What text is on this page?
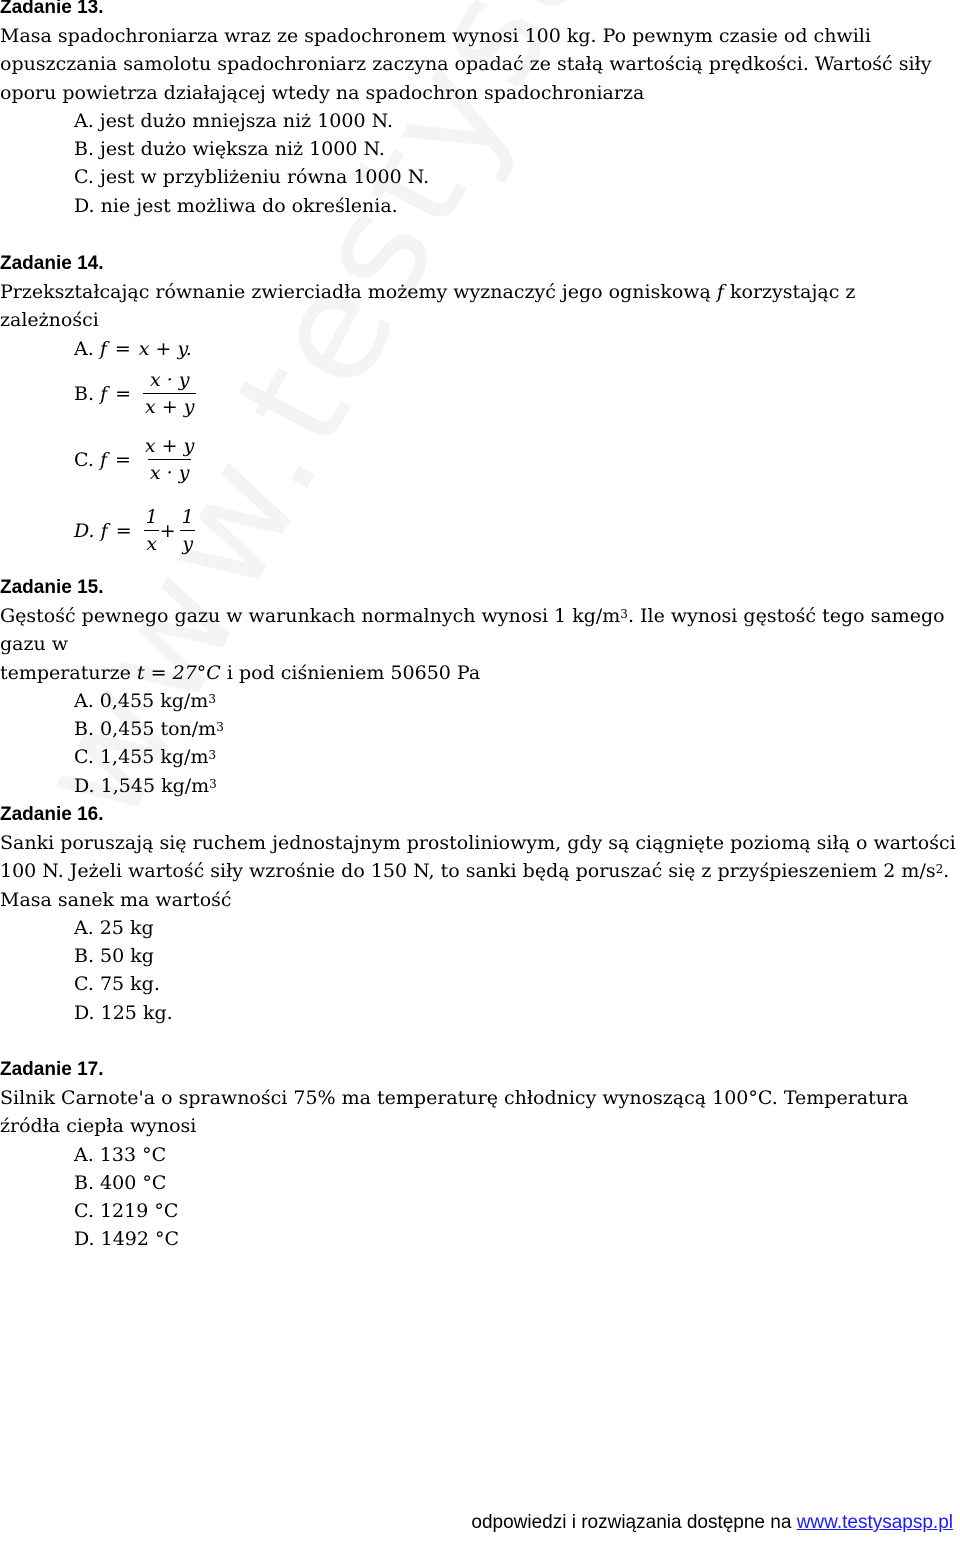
Zadanie 13.
Masa spadochroniarza wraz ze spadochronem wynosi 100 kg. Po pewnym czasie od chwili opuszczania samolotu spadochroniarz zaczyna opadać ze stałą wartością prędkości. Wartość siły oporu powietrza działającej wtedy na spadochron spadochroniarza
A. jest dużo mniejsza niż 1000 N.
B. jest dużo większa niż 1000 N.
C. jest w przybliżeniu równa 1000 N.
D. nie jest możliwa do określenia.
Zadanie 14.
Przekształcając równanie zwierciadła możemy wyznaczyć jego ogniskową f korzystając z zależności
A. f = x + y.
B.
$f = \frac{x \cdot y}{x + y}$
C.
$f = \frac{x + y}{x \cdot y}$
D.
$f = \frac{1}{x} + \frac{1}{y}$
Zadanie 15.
Gęstość pewnego gazu w warunkach normalnych wynosi 1 $kg/m^3$. Ile wynosi gęstość tego samego gazu w
temperaturze t = 27°C i pod ciśnieniem 50650 Pa
A. 0,455 $kg/m^3$
B. 0,455 ton/$m^3$
C. 1,455 $kg/m^3$
D. 1,545 $kg/m^3$
Zadanie 16.
Sanki poruszają się ruchem jednostajnym prostoliniowym, gdy są ciągnięte poziomą siłą o wartości 100 N. Jeżeli wartość siły wzrośnie do 150 N, to sanki będą poruszać się z przyśpieszeniem 2 $m/s^2$. Masa sanek ma wartość
A. 25 kg
B. 50 kg
C. 75 kg.
D. 125 kg.
Zadanie 17.
Silnik Carnote'a o sprawności 75% ma temperaturę chłodnicy wynoszącą 100°C. Temperatura źródła ciepła wynosi
A. 133 °C
B. 400 °C
C. 1219 °C
D. 1492 °C
odpowiedzi i rozwiązania dostępne na www.testysapsp.pl
